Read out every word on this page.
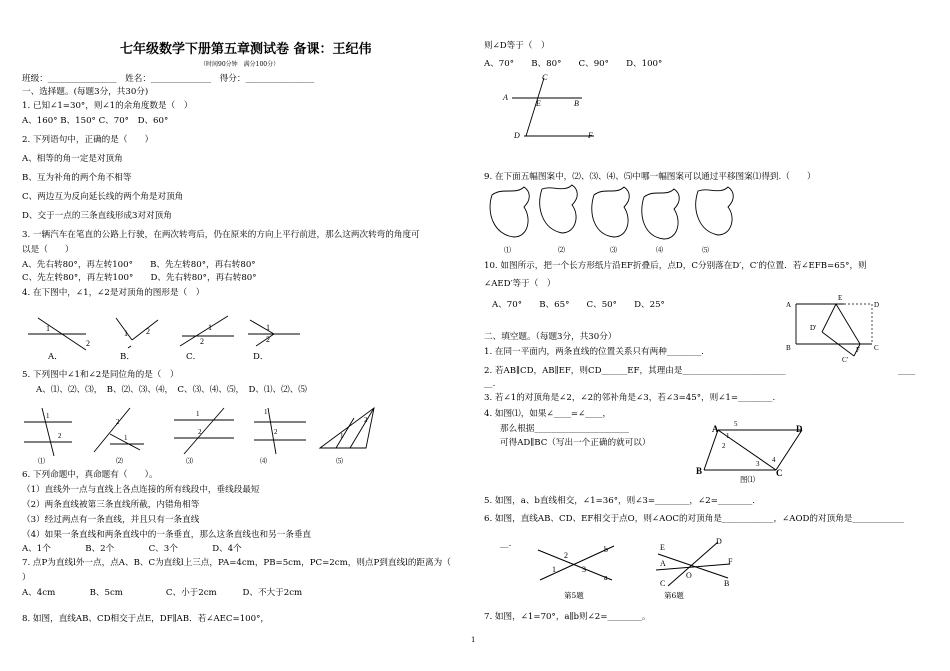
七年级数学下册第五章测试卷 备课：王纪伟
（时间90分钟　满分100分）
班级：________________　姓名：______________　得分：________________
一、选择题。(每题3分，共30分)
1. 已知∠1=30°，则∠1的余角度数是（　）
A、160° B、150° C、70°　D、60°
2. 下列语句中，正确的是（　　）
A、相等的角一定是对顶角
B、互为补角的两个角不相等
C、两边互为反向延长线的两个角是对顶角
D、交于一点的三条直线形成3对对顶角
3. 一辆汽车在笔直的公路上行驶，在两次转弯后，仍在原来的方向上平行前进，那么这两次转弯的角度可
以是（　　）
A、先右转80°，再左转100°　　B、先左转80°，再右转80°
C、先左转80°，再左转100°　　D、先右转80°，再右转80°
4. 在下图中，∠1，∠2是对顶角的图形是（　）
1
2
1 2	1
2
1
2
A．	B．	C．	D．
5. 下列图中∠1和∠2是同位角的是（　）
A、⑴、⑵、⑶，　B、⑵、⑶、⑷，　C、⑶、⑷、⑸，　D、⑴、⑵、⑸
1
2
2
1
1
2
1
2	1
2
⑴	⑵	⑶	⑷	⑸
6. 下列命题中，真命题有（　　）。
（1）直线外一点与直线上各点连接的所有线段中，垂线段最短
（2）两条直线被第三条直线所截，内错角相等
（3）经过两点有一条直线，并且只有一条直线
（4）如果一条直线和两条直线中的一条垂直，那么这条直线也和另一条垂直
A、1个　　　　B、2个　　　　C、3个　　　　D、4个
7. 点P为直线l外一点，点A、B、C为直线l上三点，PA=4cm，PB=5cm，PC=2cm，则点P到直线l的距离为（
）
A、4cm　　　　B、5cm　　　　　C、小于2cm　　　D、不大于2cm
8. 如图，直线AB、CD相交于点E，DF∥AB．若∠AEC=100°，
则∠D等于（　）
A、70°　　B、80°　　C、90°　　D、100°
C
A
E	B
D	F
9. 在下面五幅图案中，⑵、⑶、⑷、⑸中哪一幅图案可以通过平移图案⑴得到.（　　）
⑴	⑵	⑶	⑷	⑸
10. 如图所示，把一个长方形纸片沿EF折叠后，点D，C分别落在D′，C′的位置．若∠EFB=65°，则
∠AED′等于（　）
A、70°　　B、65°　　C、50°　　D、25°	A
E
D
D′
B	F C
C′
二、填空题。（每题3分，共30分）
1. 在同一平面内，两条直线的位置关系只有两种________.
2. 若AB∥CD，AB∥EF，则CD______EF，其理由是________________________	____
__.
3. 若∠1的对顶角是∠2，∠2的邻补角是∠3，若∠3=45°，则∠1=________.
4. 如图⑴，如果∠____=∠____，
那么根据______________________
可得AD∥BC（写出一个正确的就可以）
A	D
B	C
5
1
2
3 4
图⑴
5. 如图，a、b直线相交，∠1=36°，则∠3=________，∠2=________.
6. 如图，直线AB、CD、EF相交于点O，则∠AOC的对顶角是____________，∠AOD的对顶角是____________
__.
2
1	3
b
a
第5题
E
A
D
F
O
C	B
第6题
7. 如图，∠1=70°，a∥b则∠2=________。
1
